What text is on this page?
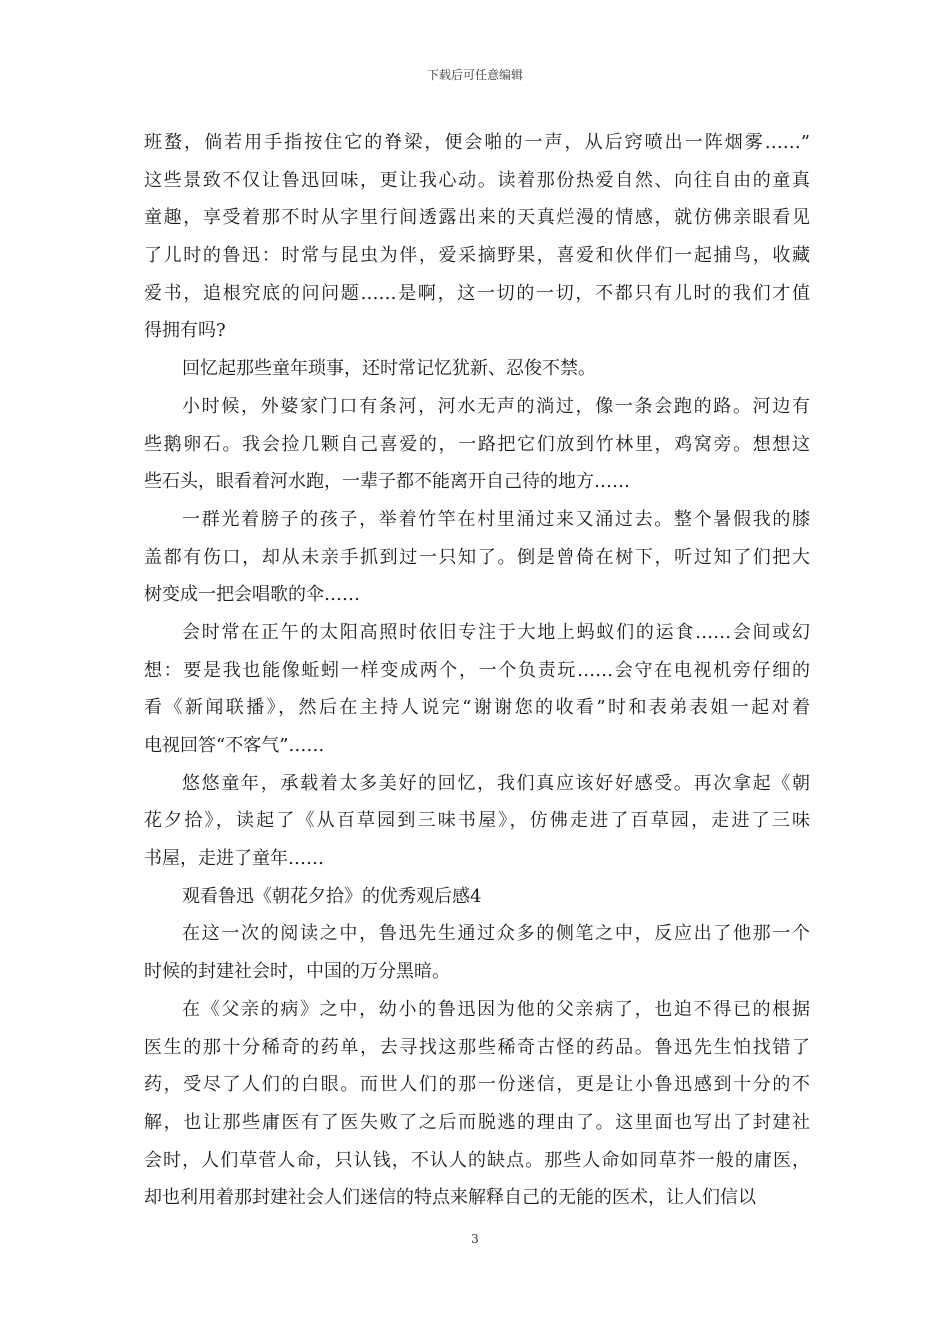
下载后可任意编辑
班蝥，倘若用手指按住它的脊梁，便会啪的一声，从后窍喷出一阵烟雾……”
这些景致不仅让鲁迅回味，更让我心动。读着那份热爱自然、向往自由的童真
童趣，享受着那不时从字里行间透露出来的天真烂漫的情感，就仿佛亲眼看见
了儿时的鲁迅：时常与昆虫为伴，爱采摘野果，喜爱和伙伴们一起捕鸟，收藏
爱书，追根究底的问问题……是啊，这一切的一切，不都只有儿时的我们才值
得拥有吗?
回忆起那些童年琐事，还时常记忆犹新、忍俊不禁。
小时候，外婆家门口有条河，河水无声的淌过，像一条会跑的路。河边有
些鹅卵石。我会捡几颗自己喜爱的，一路把它们放到竹林里，鸡窝旁。想想这
些石头，眼看着河水跑，一辈子都不能离开自己待的地方……
一群光着膀子的孩子，举着竹竿在村里涌过来又涌过去。整个暑假我的膝
盖都有伤口，却从未亲手抓到过一只知了。倒是曾倚在树下，听过知了们把大
树变成一把会唱歌的伞……
会时常在正午的太阳高照时依旧专注于大地上蚂蚁们的运食……会间或幻
想：要是我也能像蚯蚓一样变成两个，一个负责玩……会守在电视机旁仔细的
看《新闻联播》，然后在主持人说完“谢谢您的收看”时和表弟表姐一起对着
电视回答“不客气”……
悠悠童年，承载着太多美好的回忆，我们真应该好好感受。再次拿起《朝
花夕拾》，读起了《从百草园到三味书屋》，仿佛走进了百草园，走进了三味
书屋，走进了童年……
观看鲁迅《朝花夕拾》的优秀观后感4
在这一次的阅读之中，鲁迅先生通过众多的侧笔之中，反应出了他那一个
时候的封建社会时，中国的万分黑暗。
在《父亲的病》之中，幼小的鲁迅因为他的父亲病了，也迫不得已的根据
医生的那十分稀奇的药单，去寻找这那些稀奇古怪的药品。鲁迅先生怕找错了
药，受尽了人们的白眼。而世人们的那一份迷信，更是让小鲁迅感到十分的不
解，也让那些庸医有了医失败了之后而脱逃的理由了。这里面也写出了封建社
会时，人们草菅人命，只认钱，不认人的缺点。那些人命如同草芥一般的庸医，
却也利用着那封建社会人们迷信的特点来解释自己的无能的医术，让人们信以
3
